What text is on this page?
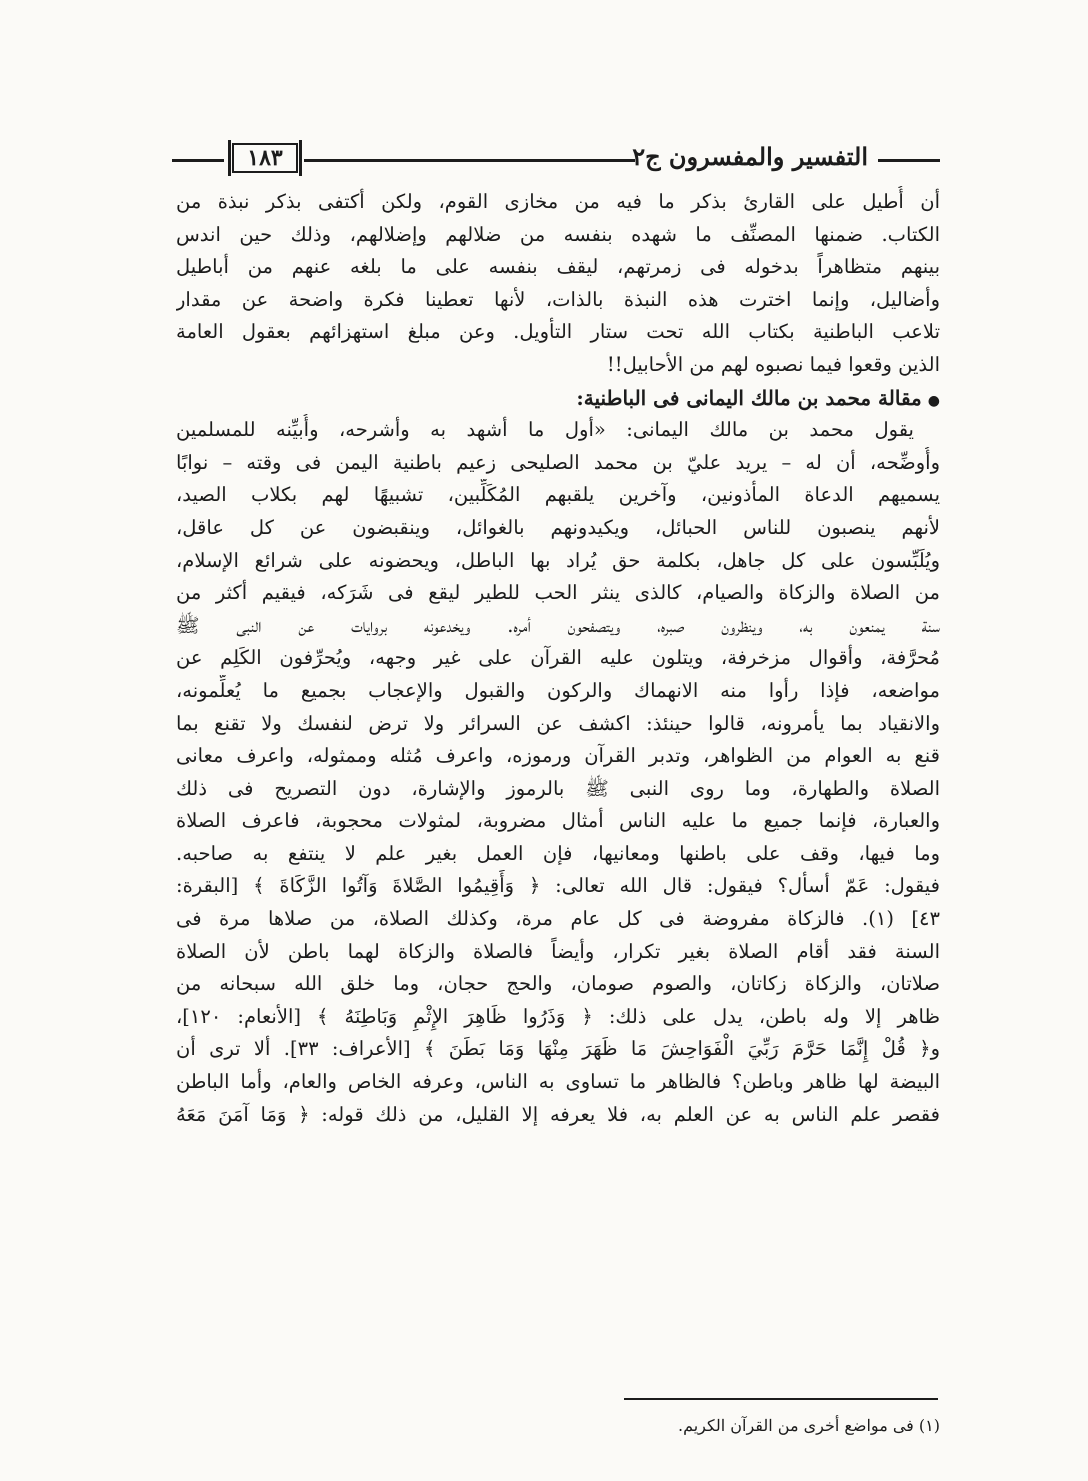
التفسير والمفسرون ج٢
١٨٣
أن أُطيل على القارئ بذكر ما فيه من مخازى القوم، ولكن أكتفى بذكر نبذة من
الكتاب. ضمنها المصنِّف ما شهده بنفسه من ضلالهم وإضلالهم، وذلك حين اندس
بينهم متظاهراً بدخوله فى زمرتهم، ليقف بنفسه على ما بلغه عنهم من أباطيل
وأضاليل، وإنما اخترت هذه النبذة بالذات، لأنها تعطينا فكرة واضحة عن مقدار
تلاعب الباطنية بكتاب الله تحت ستار التأويل. وعن مبلغ استهزائهم بعقول العامة
الذين وقعوا فيما نصبوه لهم من الأحابيل!!
●مقالة محمد بن مالك اليمانى فى الباطنية:
يقول محمد بن مالك اليمانى: «أول ما أشهد به وأشرحه، وأُبيِّنه للمسلمين
وأُوضِّحه، أن له – يريد عليّ بن محمد الصليحى زعيم باطنية اليمن فى وقته – نوابًا
يسميهم الدعاة المأذونين، وآخرين يلقبهم المُكَلِّبين، تشبيهًا لهم بكلاب الصيد،
لأنهم ينصبون للناس الحبائل، ويكيدونهم بالغوائل، وينقبضون عن كل عاقل،
ويُلَبِّسون على كل جاهل، بكلمة حق يُراد بها الباطل، ويحضونه على شرائع الإسلام،
من الصلاة والزكاة والصيام، كالذى ينثر الحب للطير ليقع فى شَرَكه، فيقيم أكثر من
سنة يمنعون به، وينظرون صبره، ويتصفحون أمره. ويخدعونه بروايات عن النبى ﷺ
مُحرَّفة، وأقوال مزخرفة، ويتلون عليه القرآن على غير وجهه، ويُحرِّفون الكَلِم عن
مواضعه، فإذا رأوا منه الانهماك والركون والقبول والإعجاب بجميع ما يُعلِّمونه،
والانقياد بما يأمرونه، قالوا حينئذ: اكشف عن السرائر ولا ترض لنفسك ولا تقنع بما
قنع به العوام من الظواهر، وتدبر القرآن ورموزه، واعرف مُثله وممثوله، واعرف معانى
الصلاة والطهارة، وما روى النبى ﷺ بالرموز والإشارة، دون التصريح فى ذلك
والعبارة، فإنما جميع ما عليه الناس أمثال مضروبة، لمثولات محجوبة، فاعرف الصلاة
وما فيها، وقف على باطنها ومعانيها، فإن العمل بغير علم لا ينتفع به صاحبه.
فيقول: عَمّ أسأل؟ فيقول: قال الله تعالى: ﴿ وَأَقِيمُوا الصَّلاةَ وَآتُوا الزَّكَاةَ ﴾ [البقرة:
٤٣] (١). فالزكاة مفروضة فى كل عام مرة، وكذلك الصلاة، من صلاها مرة فى
السنة فقد أقام الصلاة بغير تكرار، وأيضاً فالصلاة والزكاة لهما باطن لأن الصلاة
صلاتان، والزكاة زكاتان، والصوم صومان، والحج حجان، وما خلق الله سبحانه من
ظاهر إلا وله باطن، يدل على ذلك: ﴿ وَذَرُوا ظَاهِرَ الإِثْمِ وَبَاطِنَهُ ﴾ [الأنعام: ١٢٠]،
و﴿ قُلْ إِنَّمَا حَرَّمَ رَبِّيَ الْفَوَاحِشَ مَا ظَهَرَ مِنْهَا وَمَا بَطَنَ ﴾ [الأعراف: ٣٣]. ألا ترى أن
البيضة لها ظاهر وباطن؟ فالظاهر ما تساوى به الناس، وعرفه الخاص والعام، وأما الباطن
فقصر علم الناس به عن العلم به، فلا يعرفه إلا القليل، من ذلك قوله: ﴿ وَمَا آمَنَ مَعَهُ
(١) فى مواضع أخرى من القرآن الكريم.
